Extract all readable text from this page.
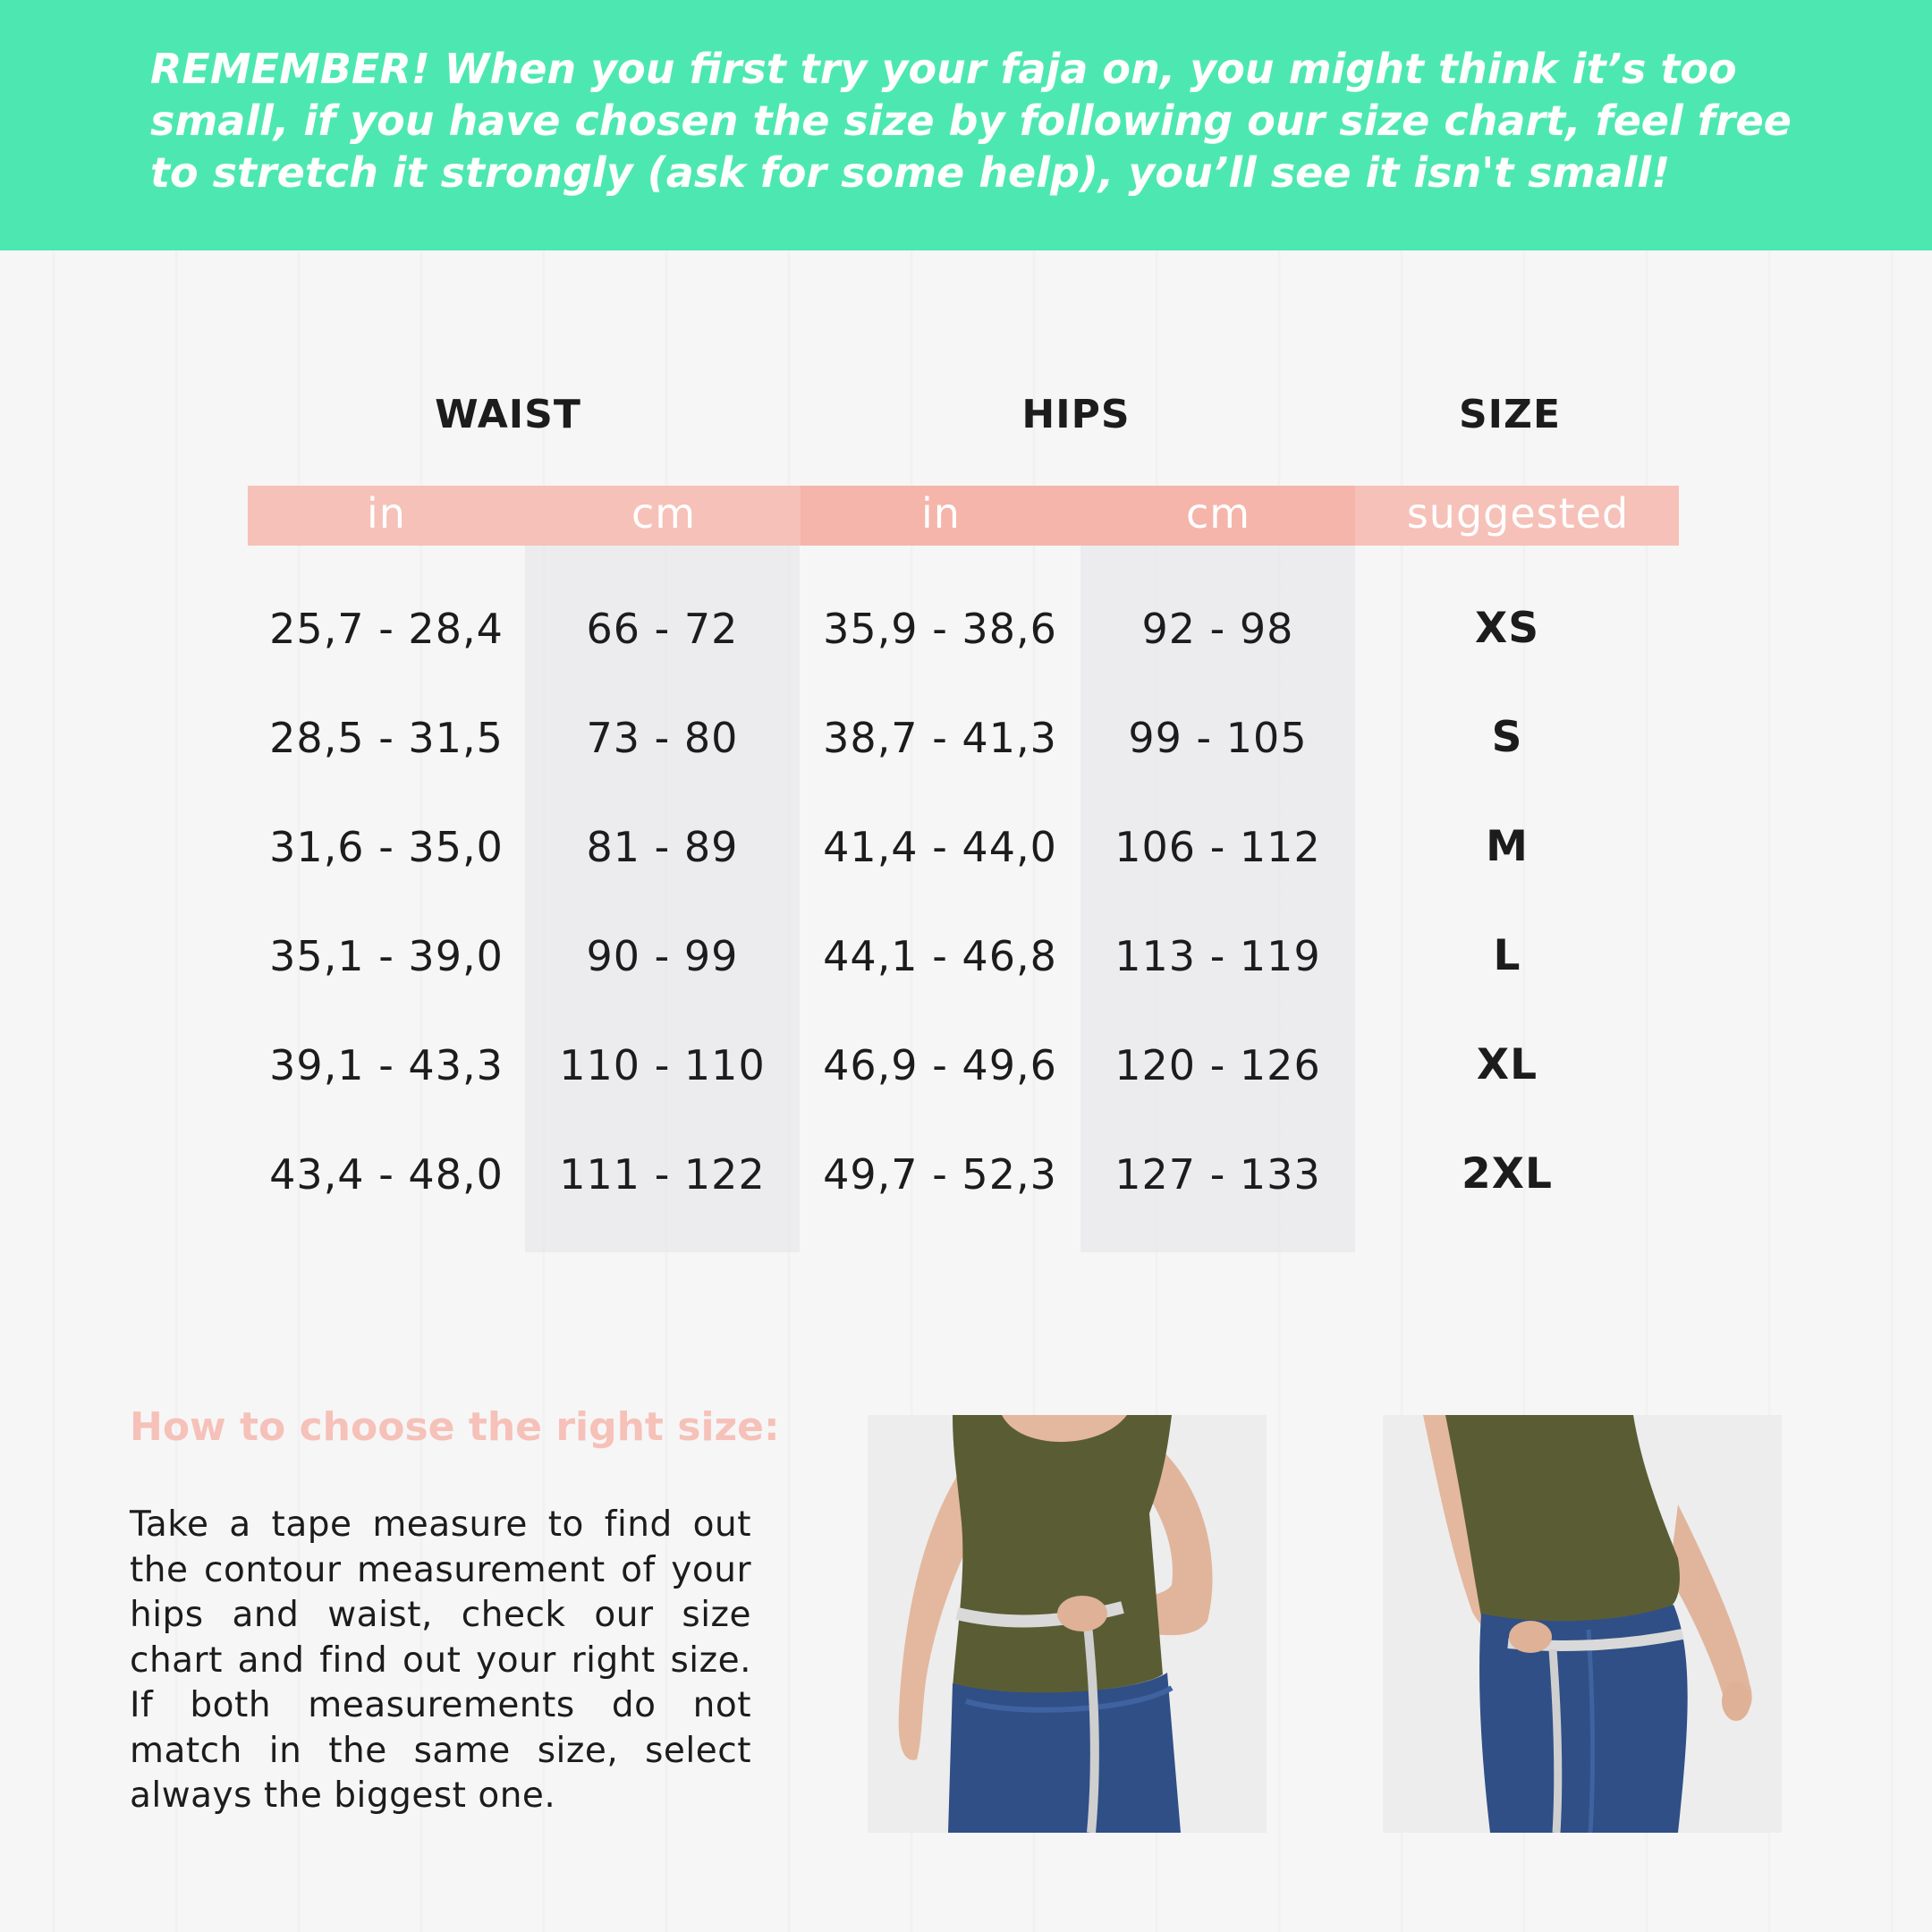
REMEMBER! When you first try your faja on, you might think it’s too small, if you have chosen the size by following our size chart, feel free to stretch it strongly (ask for some help), you’ll see it isn't small!

WAIST	HIPS	SIZE
in	cm	in	cm	suggested
25,7 - 28,4	66 - 72	35,9 - 38,6	92 - 98	XS
28,5 - 31,5	73 - 80	38,7 - 41,3	99 - 105	S
31,6 - 35,0	81 - 89	41,4 - 44,0	106 - 112	M
35,1 - 39,0	90 - 99	44,1 - 46,8	113 - 119	L
39,1 - 43,3	110 - 110	46,9 - 49,6	120 - 126	XL
43,4 - 48,0	111 - 122	49,7 - 52,3	127 - 133	2XL
How to choose the right size:

Take a tape measure to find out the contour measurement of your hips and waist, check our size chart and find out your right size. If both measurements do not match in the same size, select always the biggest one.
